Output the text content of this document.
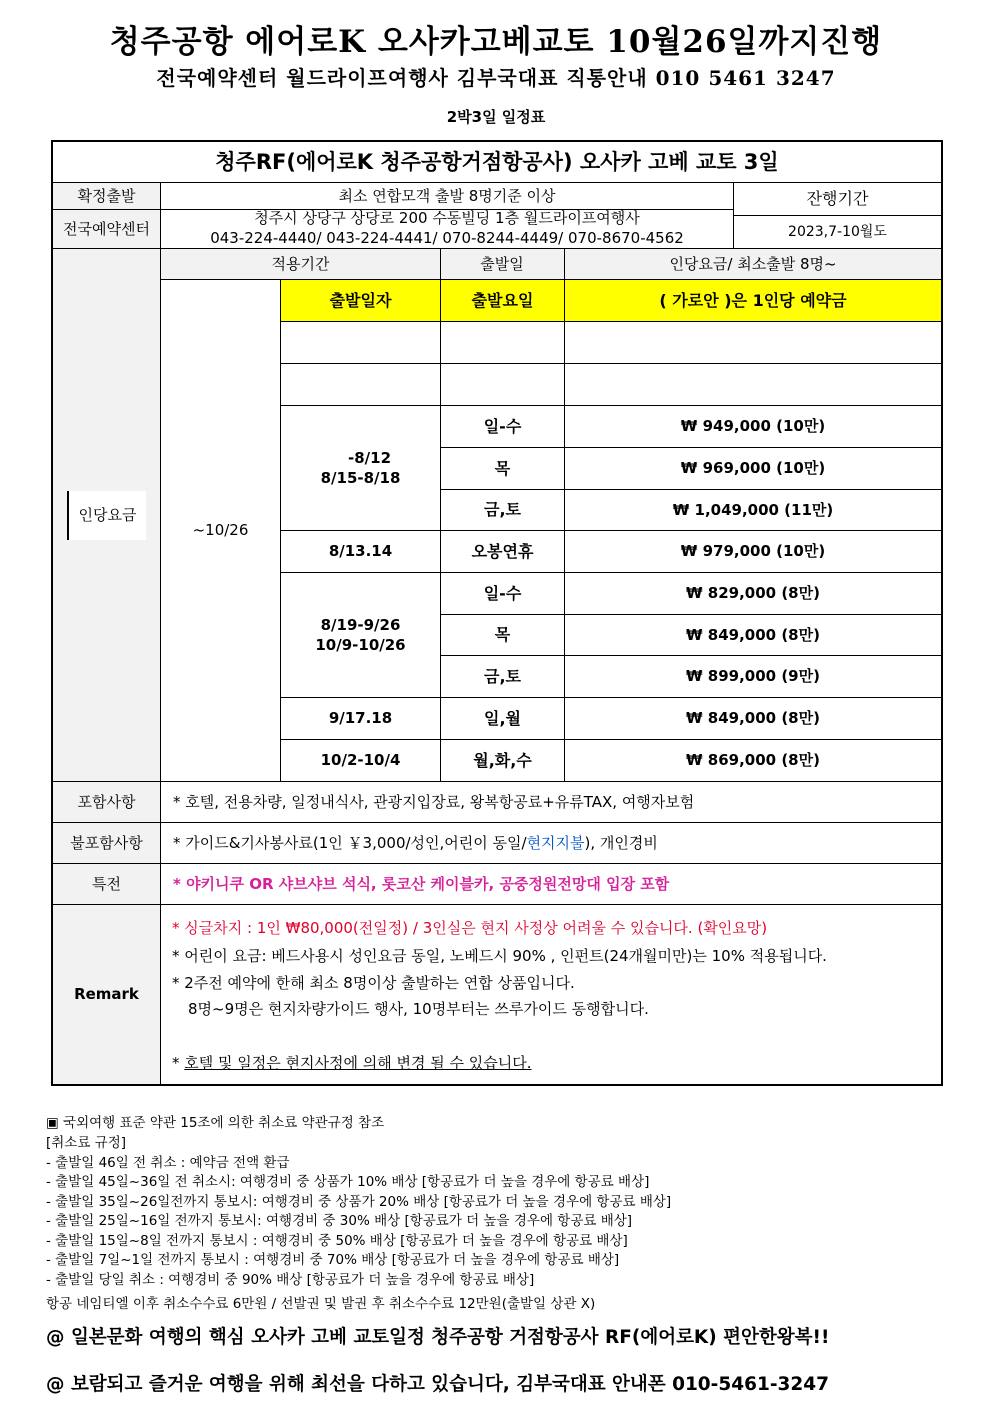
청주공항 에어로K 오사카고베교토 10월26일까지진행
전국예약센터 월드라이프여행사 김부국대표 직통안내 010 5461 3247
2박3일 일정표
청주RF(에어로K 청주공항거점항공사) 오사카 고베 교토 3일
확정출발	최소 연합모객 출발 8명기준 이상	잔행기간
전국예약센터
청주시 상당구 상당로 200 수동빌딩 1층 월드라이프여행사
043-224-4440/ 043-224-4441/ 070-8244-4449/ 070-8670-4562	2023,7-10월도
인당요금
적용기간	출발일	인당요금/ 최소출발 8명~
출발일자	출발요일	( 가로안 )은 1인당 예약금
~10/26
-8/12
8/15-8/18
일-수	₩ 949,000 (10만)
목	₩ 969,000 (10만)
금,토	₩ 1,049,000 (11만)
8/13.14	오봉연휴	₩ 979,000 (10만)
8/19-9/26
10/9-10/26
일-수	₩ 829,000 (8만)
목	₩ 849,000 (8만)
금,토	₩ 899,000 (9만)
9/17.18	일,월	₩ 849,000 (8만)
10/2-10/4	월,화,수	₩ 869,000 (8만)
포함사항	* 호텔, 전용차량, 일정내식사, 관광지입장료, 왕복항공료+유류TAX, 여행자보험
불포함사항	* 가이드&기사봉사료(1인 ￥3,000/성인,어린이 동일/ 현지지불 ), 개인경비
특전	* 야키니쿠 OR 샤브샤브 석식, 롯코산 케이블카, 공중정원전망대 입장 포함
Remark
* 싱글차지 : 1인 ₩80,000(전일정) / 3인실은 현지 사정상 어려울 수 있습니다. (확인요망)
* 어린이 요금: 베드사용시 성인요금 동일, 노베드시 90% , 인펀트(24개월미만)는 10% 적용됩니다.
* 2주전 예약에 한해 최소 8명이상 출발하는 연합 상품입니다.
8명~9명은 현지차량가이드 행사, 10명부터는 쓰루가이드 동행합니다.
* 호텔 및 일정은 현지사정에 의해 변경 될 수 있습니다.
▣ 국외여행 표준 약관 15조에 의한 취소료 약관규정 참조
[취소료 규정]
- 출발일 46일 전 취소 : 예약금 전액 환급
- 출발일 45일~36일 전 취소시: 여행경비 중 상품가 10% 배상 [항공료가 더 높을 경우에 항공료 배상]
- 출발일 35일~26일전까지 통보시: 여행경비 중 상품가 20% 배상 [항공료가 더 높을 경우에 항공료 배상]
- 출발일 25일~16일 전까지 통보시: 여행경비 중 30% 배상 [항공료가 더 높을 경우에 항공료 배상]
- 출발일 15일~8일 전까지 통보시 : 여행경비 중 50% 배상 [항공료가 더 높을 경우에 항공료 배상]
- 출발일 7일~1일 전까지 통보시 : 여행경비 중 70% 배상 [항공료가 더 높을 경우에 항공료 배상]
- 출발일 당일 취소 : 여행경비 중 90% 배상 [항공료가 더 높을 경우에 항공료 배상]
항공 네임티엘 이후 취소수수료 6만원 / 선발권 및 발권 후 취소수수료 12만원(출발일 상관 X)
@ 일본문화 여행의 핵심 오사카 고베 교토일정 청주공항 거점항공사 RF(에어로K) 편안한왕복!!
@ 보람되고 즐거운 여행을 위해 최선을 다하고 있습니다, 김부국대표 안내폰 010-5461-3247
